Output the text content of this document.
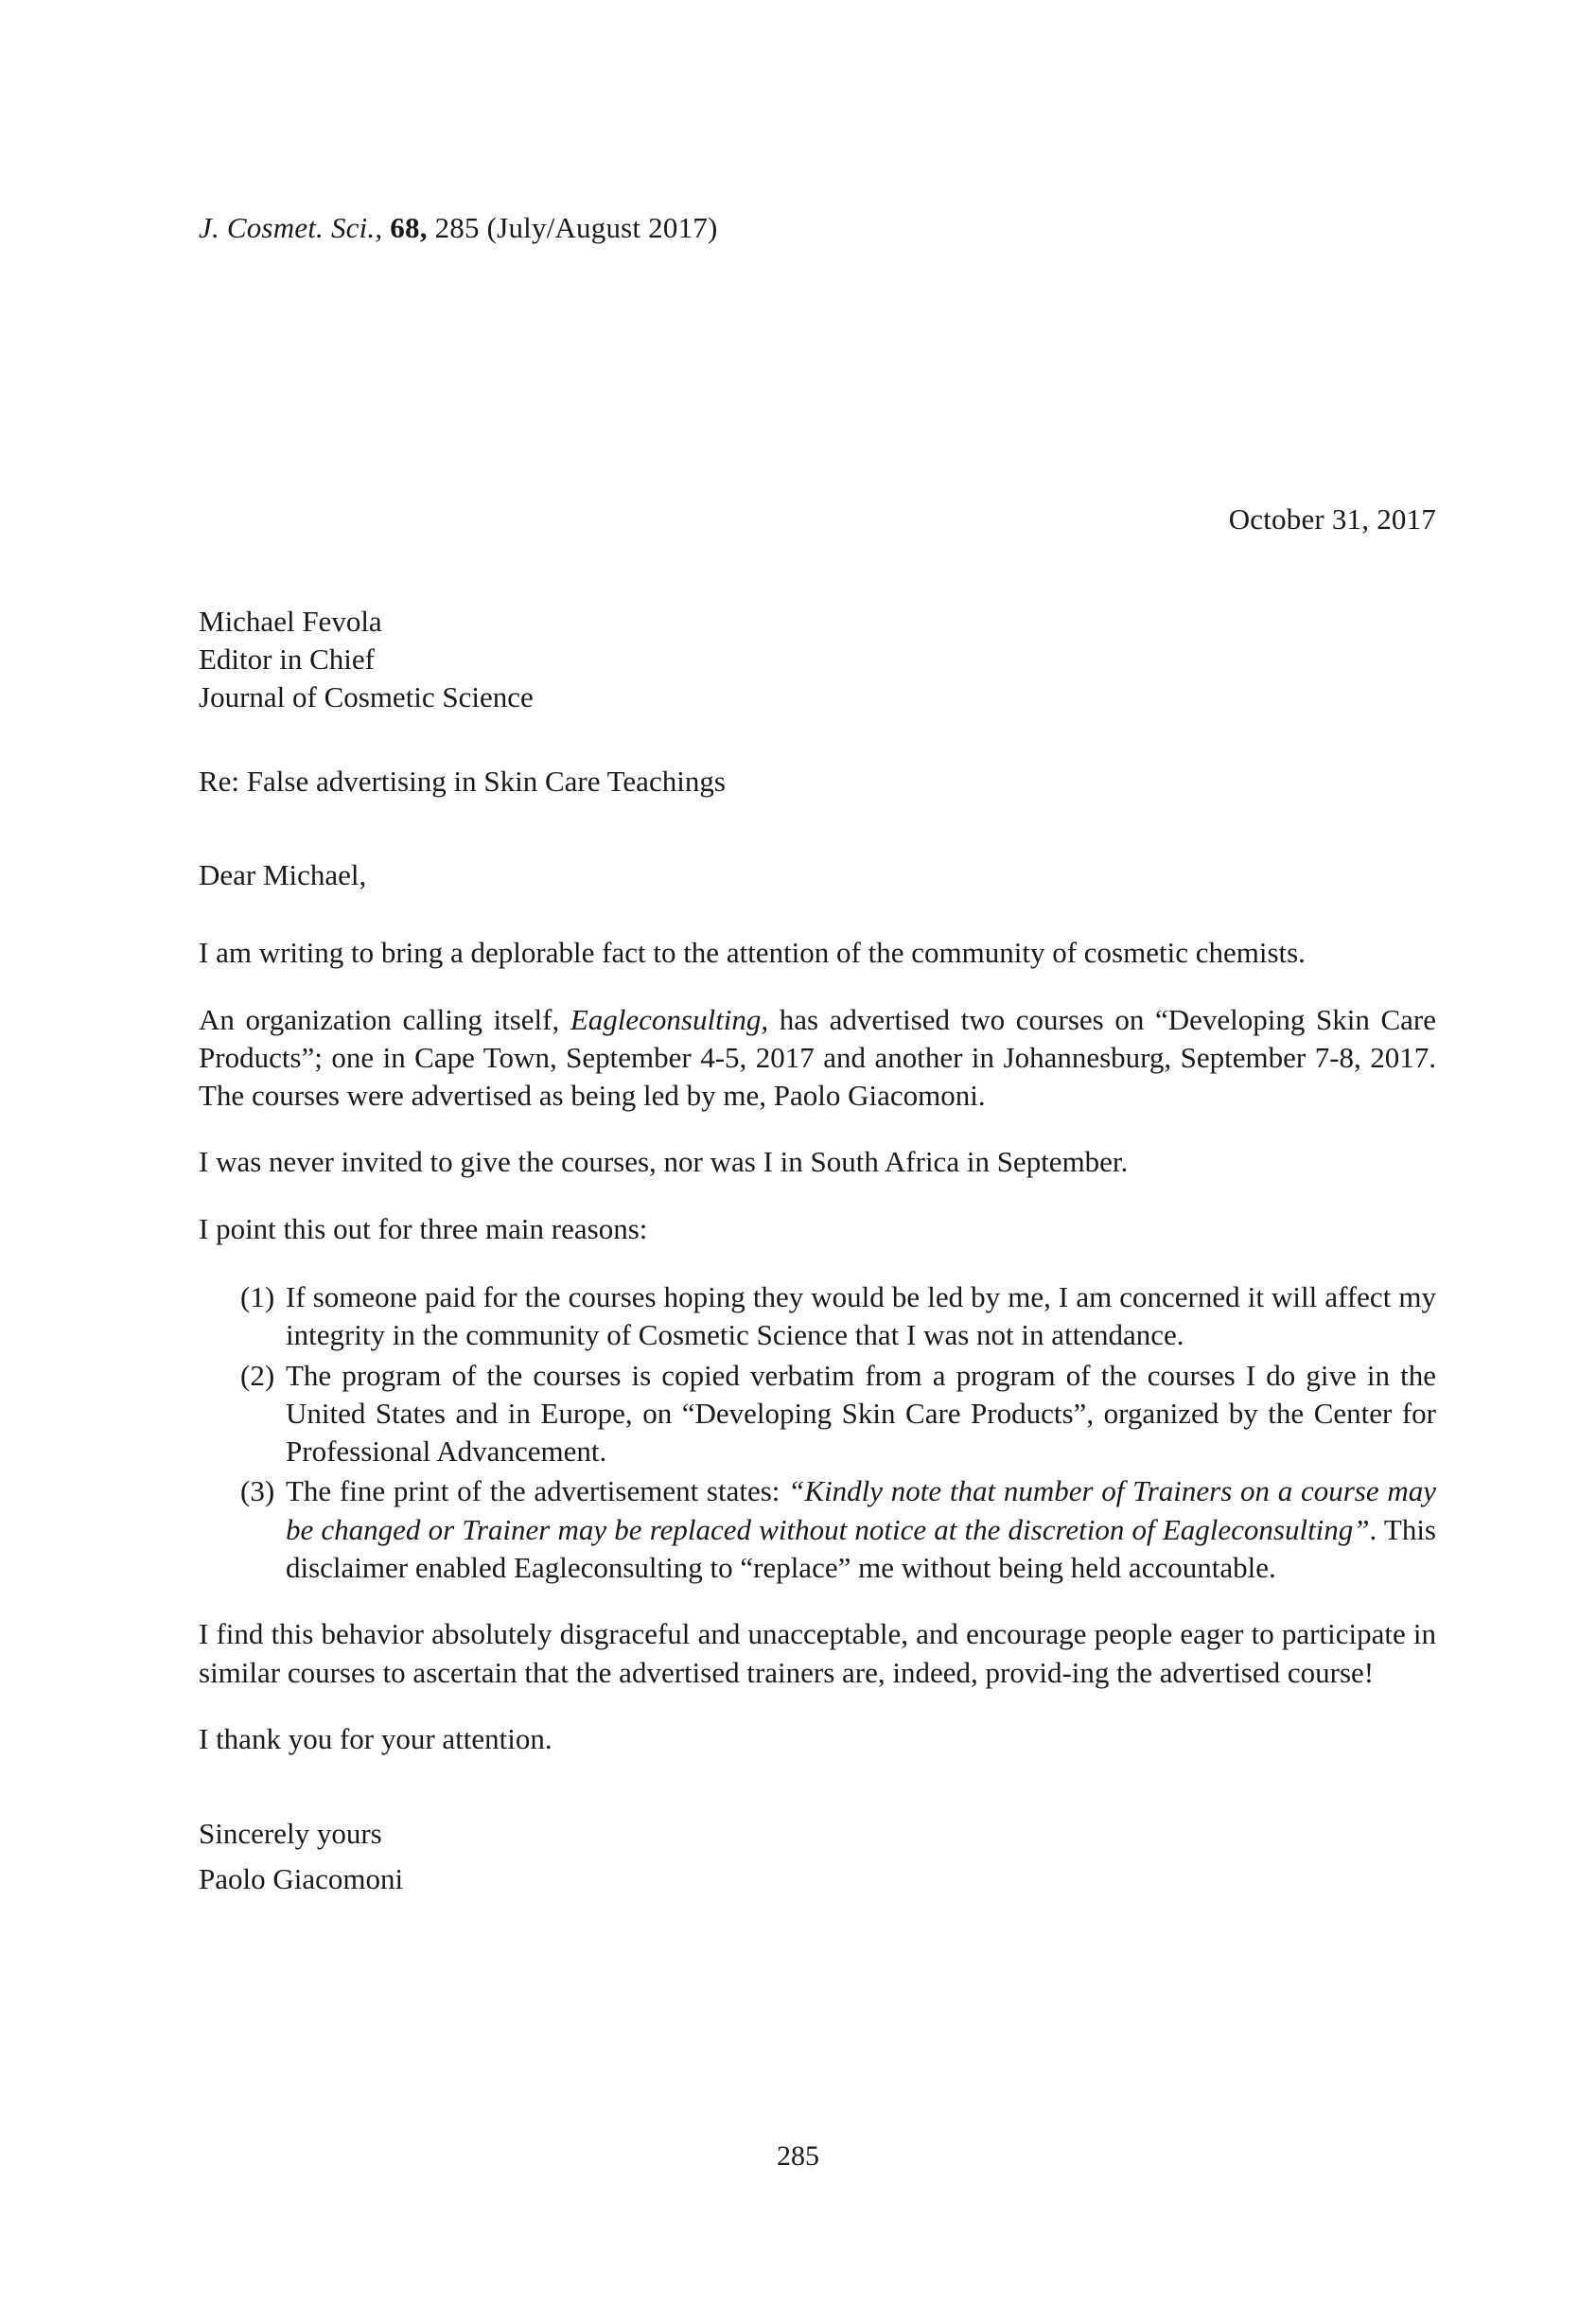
J. Cosmet. Sci., 68, 285 (July/August 2017)
October 31, 2017
Michael Fevola
Editor in Chief
Journal of Cosmetic Science
Re: False advertising in Skin Care Teachings
Dear Michael,

I am writing to bring a deplorable fact to the attention of the community of cosmetic chemists.

An organization calling itself, Eagleconsulting, has advertised two courses on “Developing Skin Care Products”; one in Cape Town, September 4-5, 2017 and another in Johannesburg, September 7-8, 2017. The courses were advertised as being led by me, Paolo Giacomoni.

I was never invited to give the courses, nor was I in South Africa in September.

I point this out for three main reasons:

(1) If someone paid for the courses hoping they would be led by me, I am concerned it will affect my integrity in the community of Cosmetic Science that I was not in attendance.
(2) The program of the courses is copied verbatim from a program of the courses I do give in the United States and in Europe, on “Developing Skin Care Products”, organized by the Center for Professional Advancement.
(3) The fine print of the advertisement states: “Kindly note that number of Trainers on a course may be changed or Trainer may be replaced without notice at the discretion of Eagleconsulting”. This disclaimer enabled Eagleconsulting to “replace” me without being held accountable.

I find this behavior absolutely disgraceful and unacceptable, and encourage people eager to participate in similar courses to ascertain that the advertised trainers are, indeed, provid-ing the advertised course!

I thank you for your attention.

Sincerely yours
Paolo Giacomoni
285
